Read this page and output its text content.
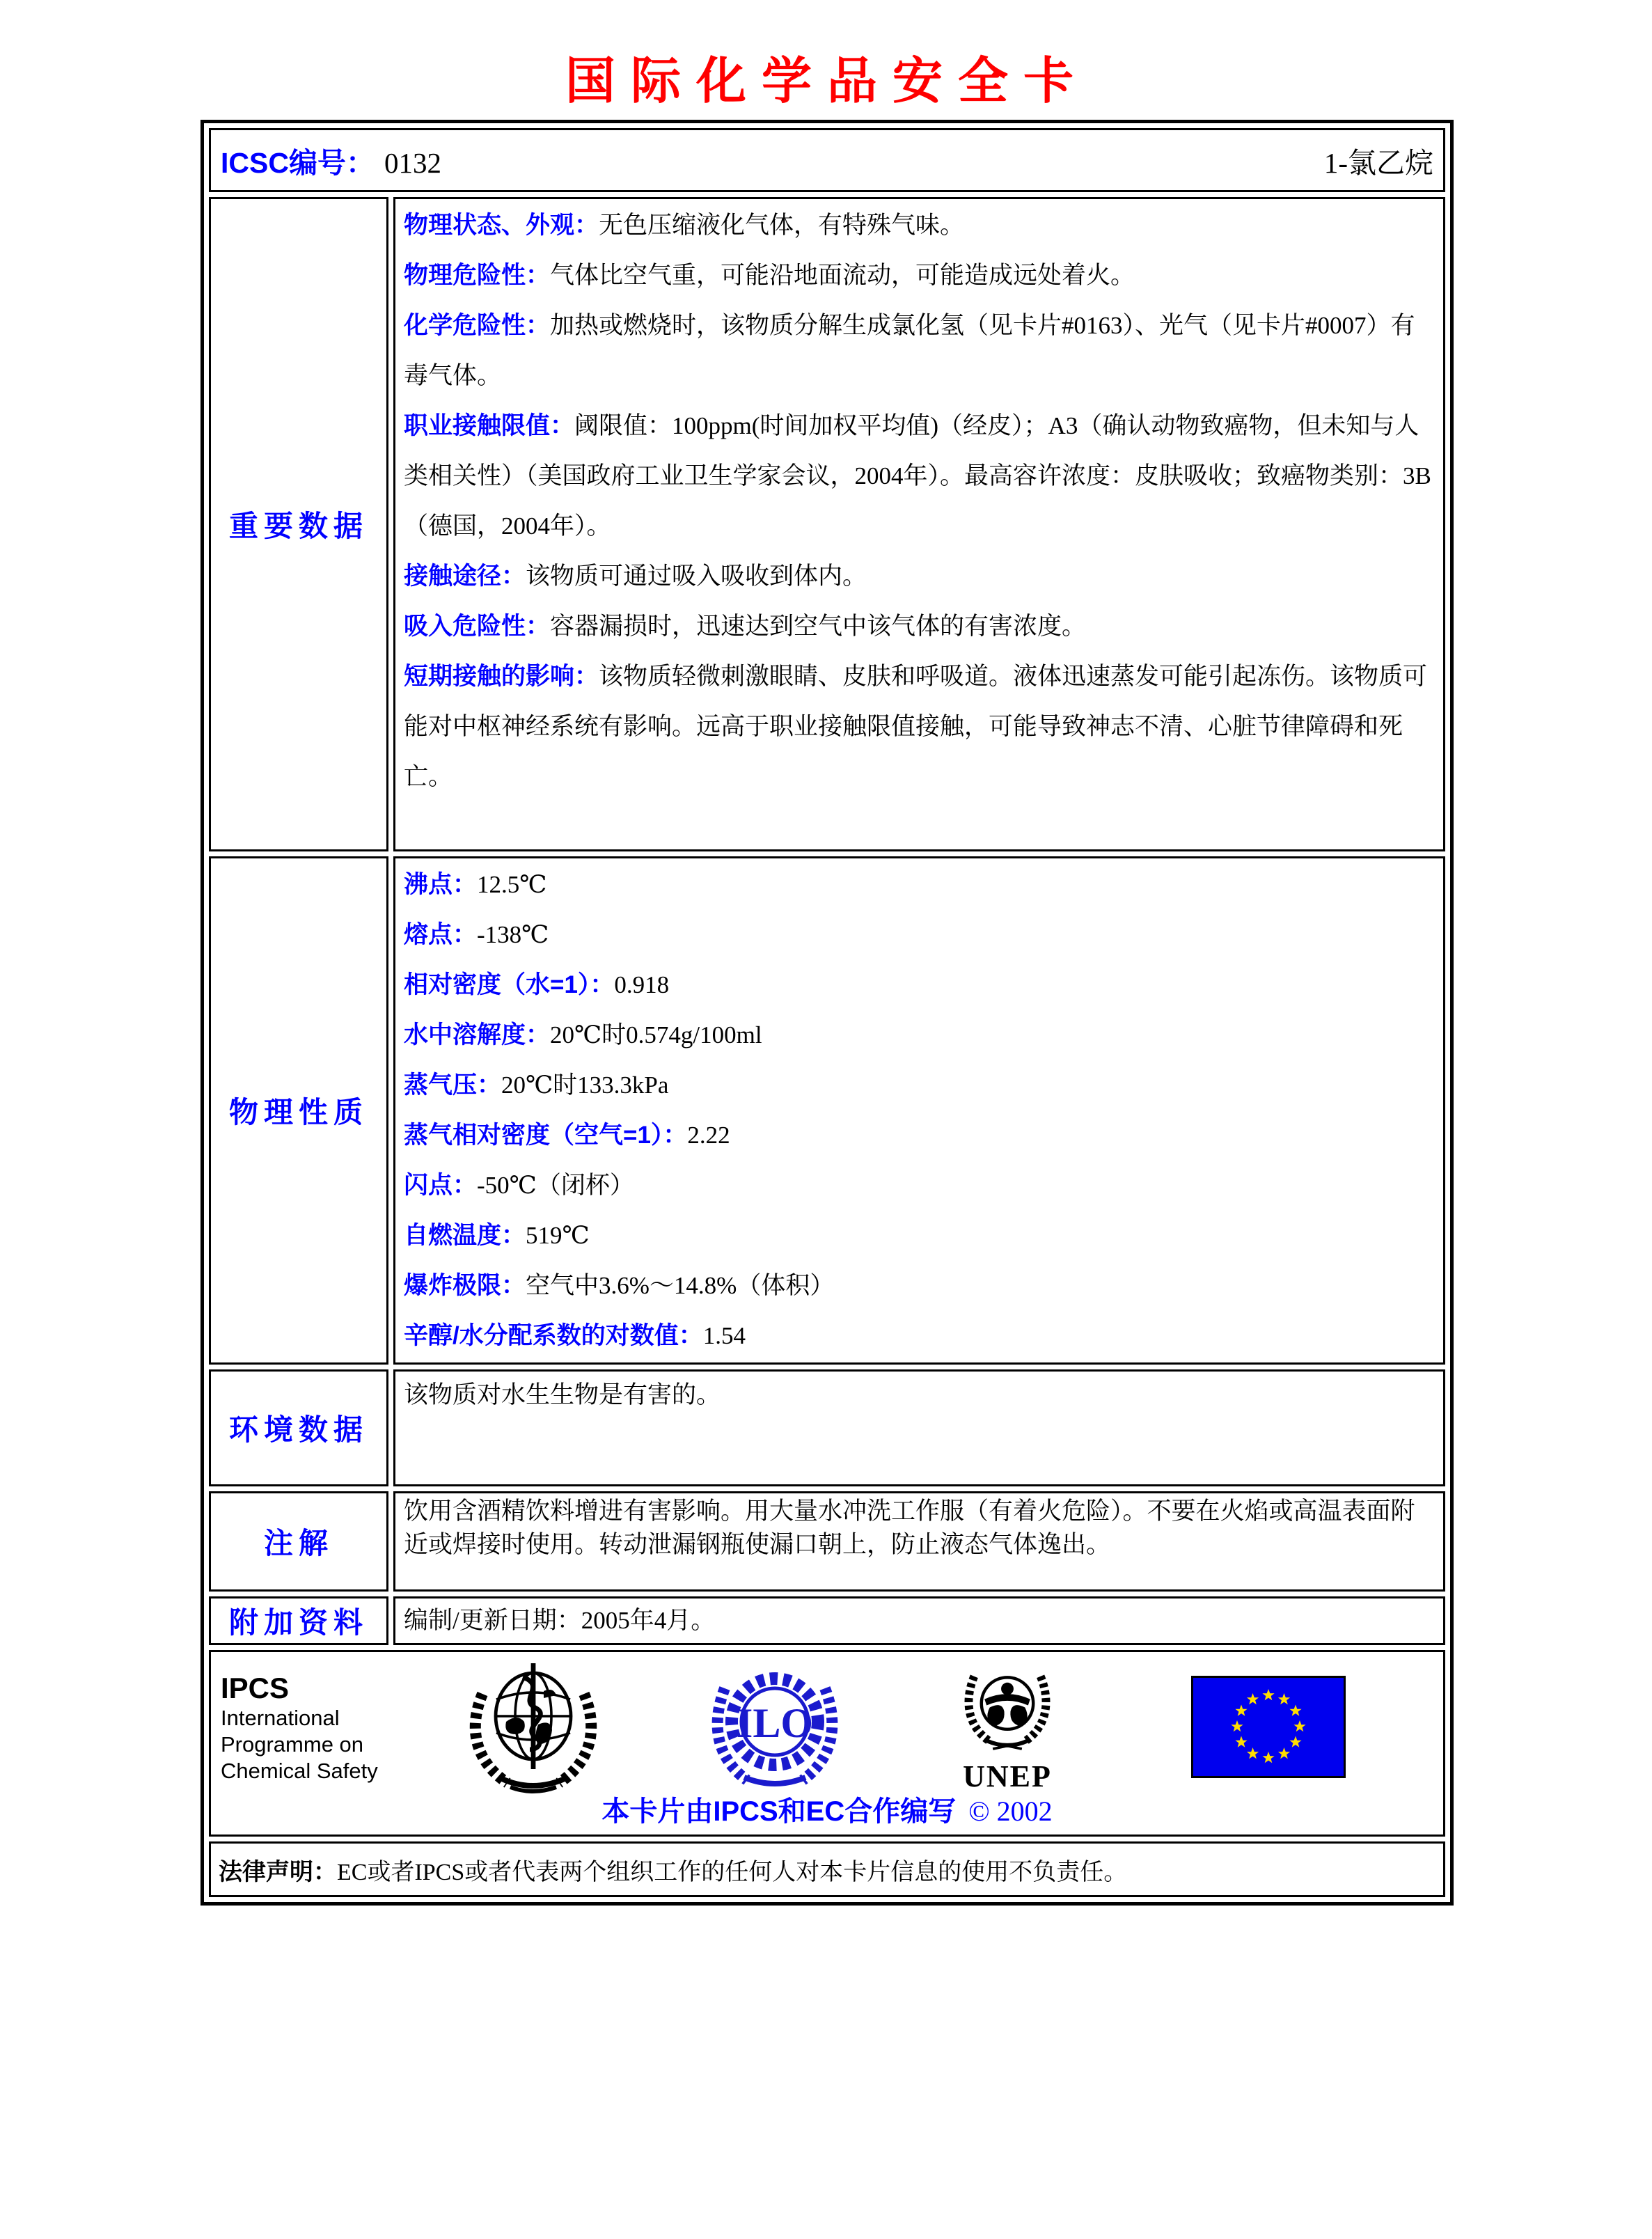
国际化学品安全卡
ICSC编号： 0132 1-氯乙烷	

重要数据	

物理状态、外观：无色压缩液化气体，有特殊气味。

物理危险性：气体比空气重，可能沿地面流动，可能造成远处着火。

化学危险性：加热或燃烧时，该物质分解生成氯化氢（见卡片#0163）、光气（见卡片#0007）有毒气体。

职业接触限值：阈限值：100ppm(时间加权平均值)（经皮）；A3（确认动物致癌物，但未知与人类相关性）（美国政府工业卫生学家会议，2004年）。最高容许浓度：皮肤吸收；致癌物类别：3B（德国，2004年）。

接触途径：该物质可通过吸入吸收到体内。

吸入危险性：容器漏损时，迅速达到空气中该气体的有害浓度。

短期接触的影响：该物质轻微刺激眼睛、皮肤和呼吸道。液体迅速蒸发可能引起冻伤。该物质可能对中枢神经系统有影响。远高于职业接触限值接触，可能导致神志不清、心脏节律障碍和死亡。

物理性质	

沸点：12.5℃

熔点：-138℃

相对密度（水=1）：0.918

水中溶解度：20℃时0.574g/100ml

蒸气压：20℃时133.3kPa

蒸气相对密度（空气=1）：2.22

闪点：-50℃（闭杯）

自燃温度：519℃

爆炸极限：空气中3.6%～14.8%（体积）

辛醇/水分配系数的对数值：1.54

环境数据	该物质对水生生物是有害的。

注解	饮用含酒精饮料增进有害影响。用大量水冲洗工作服（有着火危险）。不要在火焰或高温表面附近或焊接时使用。转动泄漏钢瓶使漏口朝上，防止液态气体逸出。

附加资料	编制/更新日期：2005年4月。

IPCS
International
Programme on
Chemical Safety
ILO
UNEP
本卡片由IPCS和EC合作编写 © 2002

法律声明：EC或者IPCS或者代表两个组织工作的任何人对本卡片信息的使用不负责任。	
